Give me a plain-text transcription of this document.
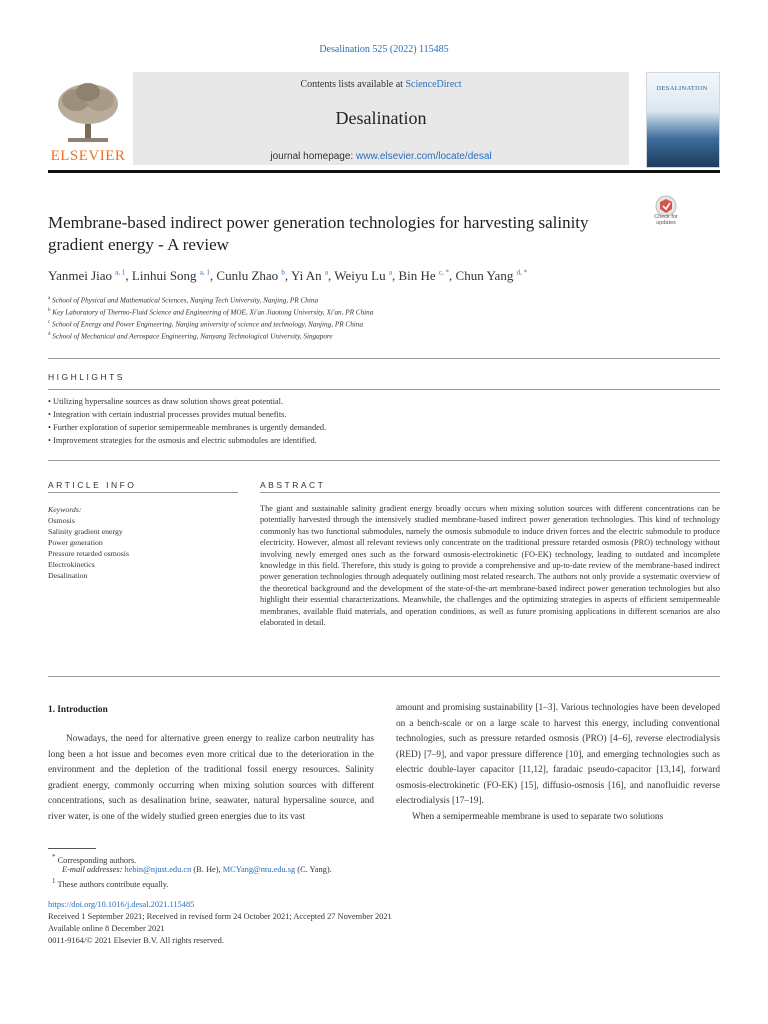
Desalination 525 (2022) 115485
Contents lists available at ScienceDirect
Desalination
journal homepage: www.elsevier.com/locate/desal
ELSEVIER
DESALINATION
Membrane-based indirect power generation technologies for harvesting salinity gradient energy - A review
Check for updates
Yanmei Jiao $^{a, 1}$, Linhui Song $^{a, 1}$, Cunlu Zhao $^b$, Yi An $^a$, Weiyu Lu $^a$, Bin He $^{c, *}$, Chun Yang $^{d, *}$
$^a$ School of Physical and Mathematical Sciences, Nanjing Tech University, Nanjing, PR China
$^b$ Key Laboratory of Thermo-Fluid Science and Engineering of MOE, Xi'an Jiaotong University, Xi'an, PR China
$^c$ School of Energy and Power Engineering, Nanjing university of science and technology, Nanjing, PR China
$^d$ School of Mechanical and Aerospace Engineering, Nanyang Technological University, Singapore
HIGHLIGHTS
• Utilizing hypersaline sources as draw solution shows great potential.
• Integration with certain industrial processes provides mutual benefits.
• Further exploration of superior semipermeable membranes is urgently demanded.
• Improvement strategies for the osmosis and electric submodules are identified.
ARTICLE INFO	ABSTRACT
Keywords:
Osmosis
Salinity gradient energy
Power generation
Pressure retarded osmosis
Electrokinetics
Desalination
The giant and sustainable salinity gradient energy broadly occurs when mixing solution sources with different concentrations can be potentially harvested through the intensively studied membrane-based indirect power generation technologies. This kind of technology commonly has two functional submodules, namely the osmosis submodule to induce driven forces and the electric submodule to produce electricity. However, almost all relevant reviews only concentrate on the traditional pressure retarded osmosis (PRO) technology without involving newly emerged ones such as the forward osmosis-electrokinetic (FO-EK) technology, leading to outdated and incomplete knowledge in this field. Therefore, this study is going to provide a comprehensive and up-to-date review of the membrane-based indirect power generation technologies through adequately outlining most related research. The authors not only provide a systematic overview of the theoretical background and the development of the state-of-the-art membrane-based indirect power generation technologies but also highlight their essential characterizations. Meanwhile, the challenges and the optimizing strategies in aspects of efficient semipermeable membranes, available fluid materials, and operation conditions, as well as future promising applications in different scenarios are also elaborated in detail.
1. Introduction

Nowadays, the need for alternative green energy to realize carbon neutrality has long been a hot issue and becomes even more critical due to the deterioration in the environment and the depletion of the traditional fossil energy resources. Salinity gradient energy, commonly occurring when mixing solution sources with different concentrations, such as desalination brine, seawater, natural hypersaline source, and river water, is one of the widely studied green energies due to its vast

amount and promising sustainability [1–3]. Various technologies have been developed on a bench-scale or on a large scale to harvest this energy, including conventional technologies, such as pressure retarded osmosis (PRO) [4–6], reverse electrodialysis (RED) [7–9], and vapor pressure difference [10], and emerging technologies such as electric double-layer capacitor [11,12], faradaic pseudo-capacitor [13,14], forward osmosis-electrokinetic (FO-EK) [15], diffusio-osmosis [16], and nanofluidic reverse electrodialysis [17–19].

When a semipermeable membrane is used to separate two solutions

* Corresponding authors.
E-mail addresses: hebin@njust.edu.cn (B. He), MCYang@ntu.edu.sg (C. Yang).
$^1$ These authors contribute equally.
https://doi.org/10.1016/j.desal.2021.115485
Received 1 September 2021; Received in revised form 24 October 2021; Accepted 27 November 2021
Available online 8 December 2021
0011-9164/© 2021 Elsevier B.V. All rights reserved.
